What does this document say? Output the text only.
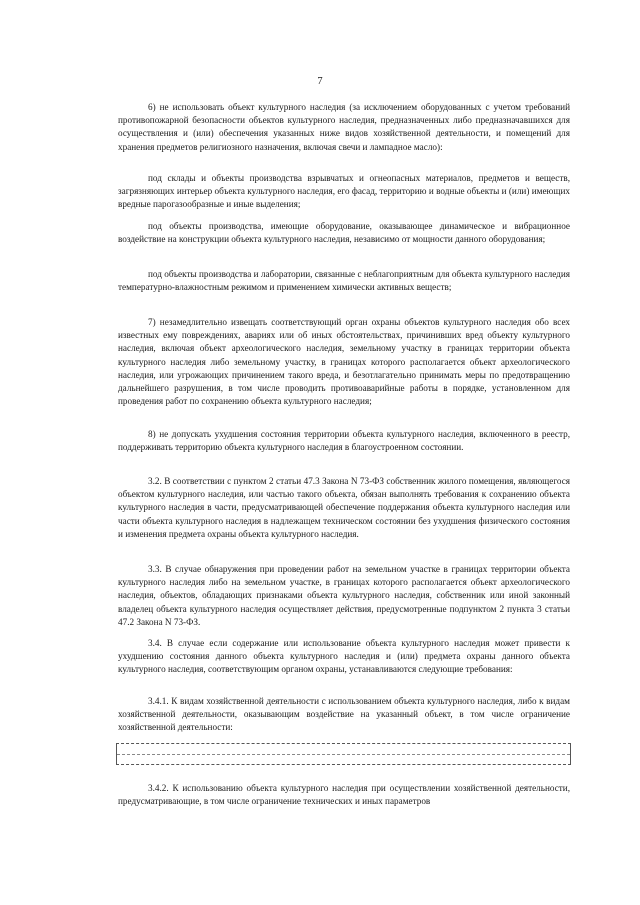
7
6) не использовать объект культурного наследия (за исключением оборудованных с учетом требований противопожарной безопасности объектов культурного наследия, предназначенных либо предназначавшихся для осуществления и (или) обеспечения указанных ниже видов хозяйственной деятельности, и помещений для хранения предметов религиозного назначения, включая свечи и лампадное масло):
под склады и объекты производства взрывчатых и огнеопасных материалов, предметов и веществ, загрязняющих интерьер объекта культурного наследия, его фасад, территорию и водные объекты и (или) имеющих вредные парогазообразные и иные выделения;
под объекты производства, имеющие оборудование, оказывающее динамическое и вибрационное воздействие на конструкции объекта культурного наследия, независимо от мощности данного оборудования;
под объекты производства и лаборатории, связанные с неблагоприятным для объекта культурного наследия температурно-влажностным режимом и применением химически активных веществ;
7) незамедлительно извещать соответствующий орган охраны объектов культурного наследия обо всех известных ему повреждениях, авариях или об иных обстоятельствах, причинивших вред объекту культурного наследия, включая объект археологического наследия, земельному участку в границах территории объекта культурного наследия либо земельному участку, в границах которого располагается объект археологического наследия, или угрожающих причинением такого вреда, и безотлагательно принимать меры по предотвращению дальнейшего разрушения, в том числе проводить противоаварийные работы в порядке, установленном для проведения работ по сохранению объекта культурного наследия;
8) не допускать ухудшения состояния территории объекта культурного наследия, включенного в реестр, поддерживать территорию объекта культурного наследия в благоустроенном состоянии.
3.2. В соответствии с пунктом 2 статьи 47.3 Закона N 73-ФЗ собственник жилого помещения, являющегося объектом культурного наследия, или частью такого объекта, обязан выполнять требования к сохранению объекта культурного наследия в части, предусматривающей обеспечение поддержания объекта культурного наследия или части объекта культурного наследия в надлежащем техническом состоянии без ухудшения физического состояния и изменения предмета охраны объекта культурного наследия.
3.3. В случае обнаружения при проведении работ на земельном участке в границах территории объекта культурного наследия либо на земельном участке, в границах которого располагается объект археологического наследия, объектов, обладающих признаками объекта культурного наследия, собственник или иной законный владелец объекта культурного наследия осуществляет действия, предусмотренные подпунктом 2 пункта 3 статьи 47.2 Закона N 73-ФЗ.
3.4. В случае если содержание или использование объекта культурного наследия может привести к ухудшению состояния данного объекта культурного наследия и (или) предмета охраны данного объекта культурного наследия, соответствующим органом охраны, устанавливаются следующие требования:
3.4.1. К видам хозяйственной деятельности с использованием объекта культурного наследия, либо к видам хозяйственной деятельности, оказывающим воздействие на указанный объект, в том числе ограничение хозяйственной деятельности:
3.4.2. К использованию объекта культурного наследия при осуществлении хозяйственной деятельности, предусматривающие, в том числе ограничение технических и иных параметров
